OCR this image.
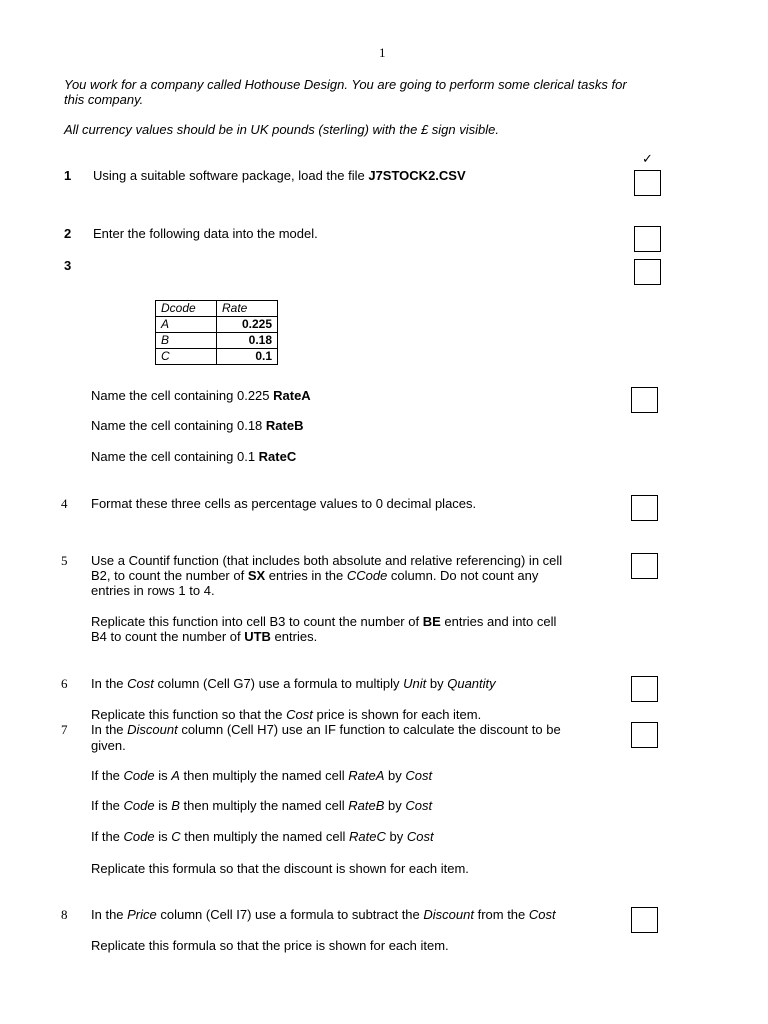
1
You work for a company called Hothouse Design. You are going to perform some clerical tasks for
this company.
All currency values should be in UK pounds (sterling) with the £ sign visible.
✓
1 Using a suitable software package, load the file J7STOCK2.CSV
2 Enter the following data into the model.
3
Dcode	Rate
A	0.225
B	0.18
C	0.1
Name the cell containing 0.225 RateA
Name the cell containing 0.18 RateB
Name the cell containing 0.1 RateC
4 Format these three cells as percentage values to 0 decimal places.
5 Use a Countif function (that includes both absolute and relative referencing) in cell
B2, to count the number of SX entries in the CCode column. Do not count any
entries in rows 1 to 4.
Replicate this function into cell B3 to count the number of BE entries and into cell
B4 to count the number of UTB entries.
6 In the Cost column (Cell G7) use a formula to multiply Unit by Quantity
Replicate this function so that the Cost price is shown for each item.
7 In the Discount column (Cell H7) use an IF function to calculate the discount to be
given.
If the Code is A then multiply the named cell RateA by Cost
If the Code is B then multiply the named cell RateB by Cost
If the Code is C then multiply the named cell RateC by Cost
Replicate this formula so that the discount is shown for each item.
8 In the Price column (Cell I7) use a formula to subtract the Discount from the Cost
Replicate this formula so that the price is shown for each item.
